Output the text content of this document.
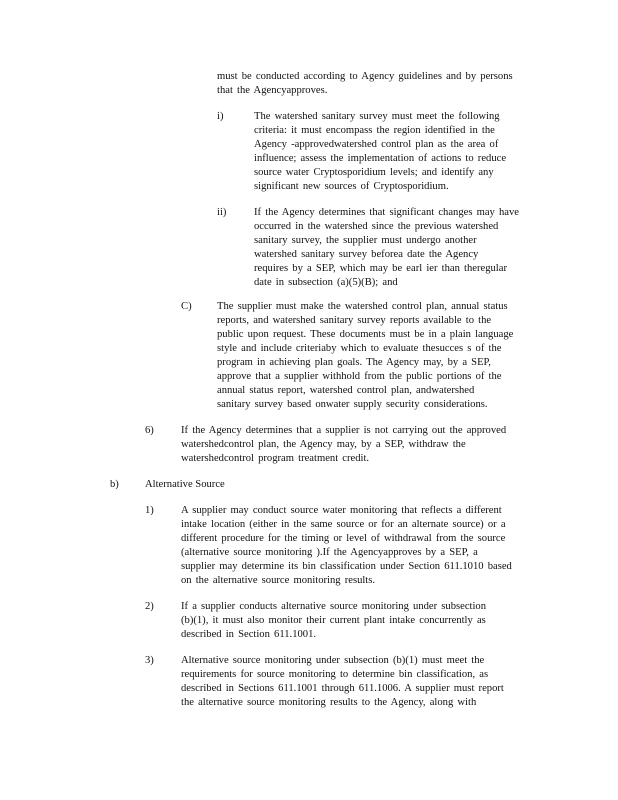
must be conducted according to Agency guidelines and by persons
that the Agencyapproves.
i)	The watershed sanitary survey must meet the following
criteria: it must encompass the region identified in the
Agency -approvedwatershed control plan as the area of
influence; assess the implementation of actions to reduce
source water Cryptosporidium levels; and identify any
significant new sources of Cryptosporidium.
ii)	If the Agency determines that significant changes may have
occurred in the watershed since the previous watershed
sanitary survey, the supplier must undergo another
watershed sanitary survey beforea date the Agency
requires by a SEP, which may be earl ier than theregular
date in subsection (a)(5)(B); and
C) The supplier must make the watershed control plan, annual status
reports, and watershed sanitary survey reports available to the
public upon request. These documents must be in a plain language
style and include criteriaby which to evaluate thesucces s of the
program in achieving plan goals. The Agency may, by a SEP,
approve that a supplier withhold from the public portions of the
annual status report, watershed control plan, andwatershed
sanitary survey based onwater supply security considerations.
6)	If the Agency determines that a supplier is not carrying out the approved
watershedcontrol plan, the Agency may, by a SEP, withdraw the
watershedcontrol program treatment credit.
b) Alternative Source
1)	A supplier may conduct source water monitoring that reflects a different
intake location (either in the same source or for an alternate source) or a
different procedure for the timing or level of withdrawal from the source
(alternative source monitoring ).If the Agencyapproves by a SEP, a
supplier may determine its bin classification under Section 611.1010 based
on the alternative source monitoring results.
2)	If a supplier conducts alternative source monitoring under subsection
(b)(1), it must also monitor their current plant intake concurrently as
described in Section 611.1001.
3)	Alternative source monitoring under subsection (b)(1) must meet the
requirements for source monitoring to determine bin classification, as
described in Sections 611.1001 through 611.1006. A supplier must report
the alternative source monitoring results to the Agency, along with
